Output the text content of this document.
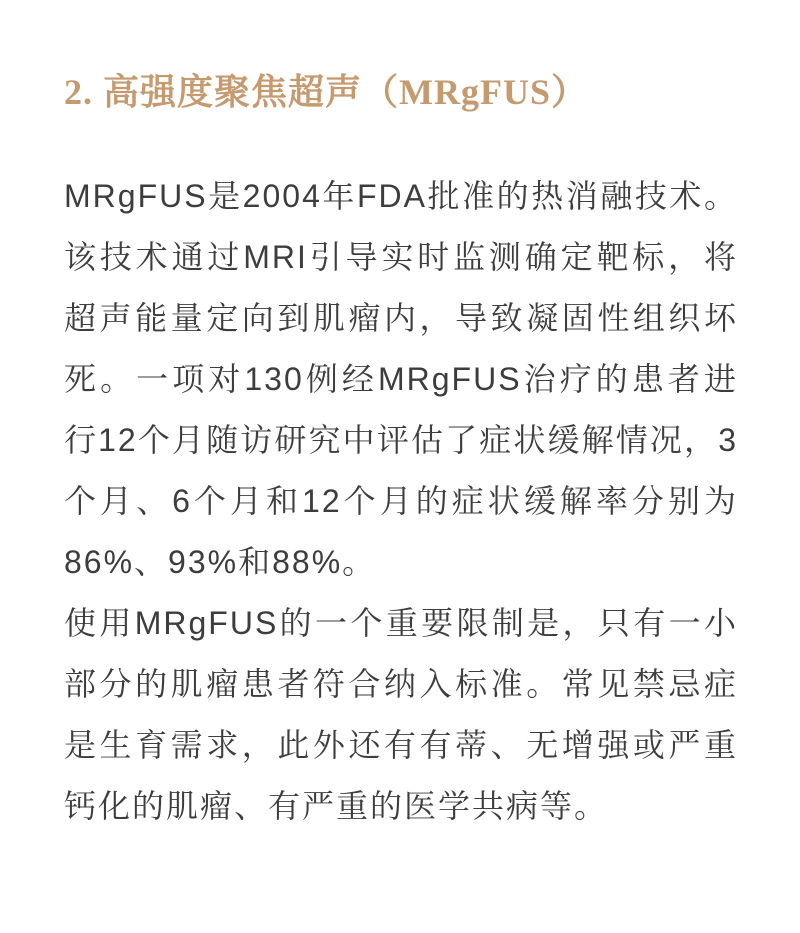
2. 高强度聚焦超声（MRgFUS）

MRgFUS是2004年FDA批准的热消融技术。该技术通过MRI引导实时监测确定靶标，将超声能量定向到肌瘤内，导致凝固性组织坏死。一项对130例经MRgFUS治疗的患者进行12个月随访研究中评估了症状缓解情况，3个月、6个月和12个月的症状缓解率分别为86%、93%和88%。

使用MRgFUS的一个重要限制是，只有一小部分的肌瘤患者符合纳入标准。常见禁忌症是生育需求，此外还有有蒂、无增强或严重钙化的肌瘤、有严重的医学共病等。
